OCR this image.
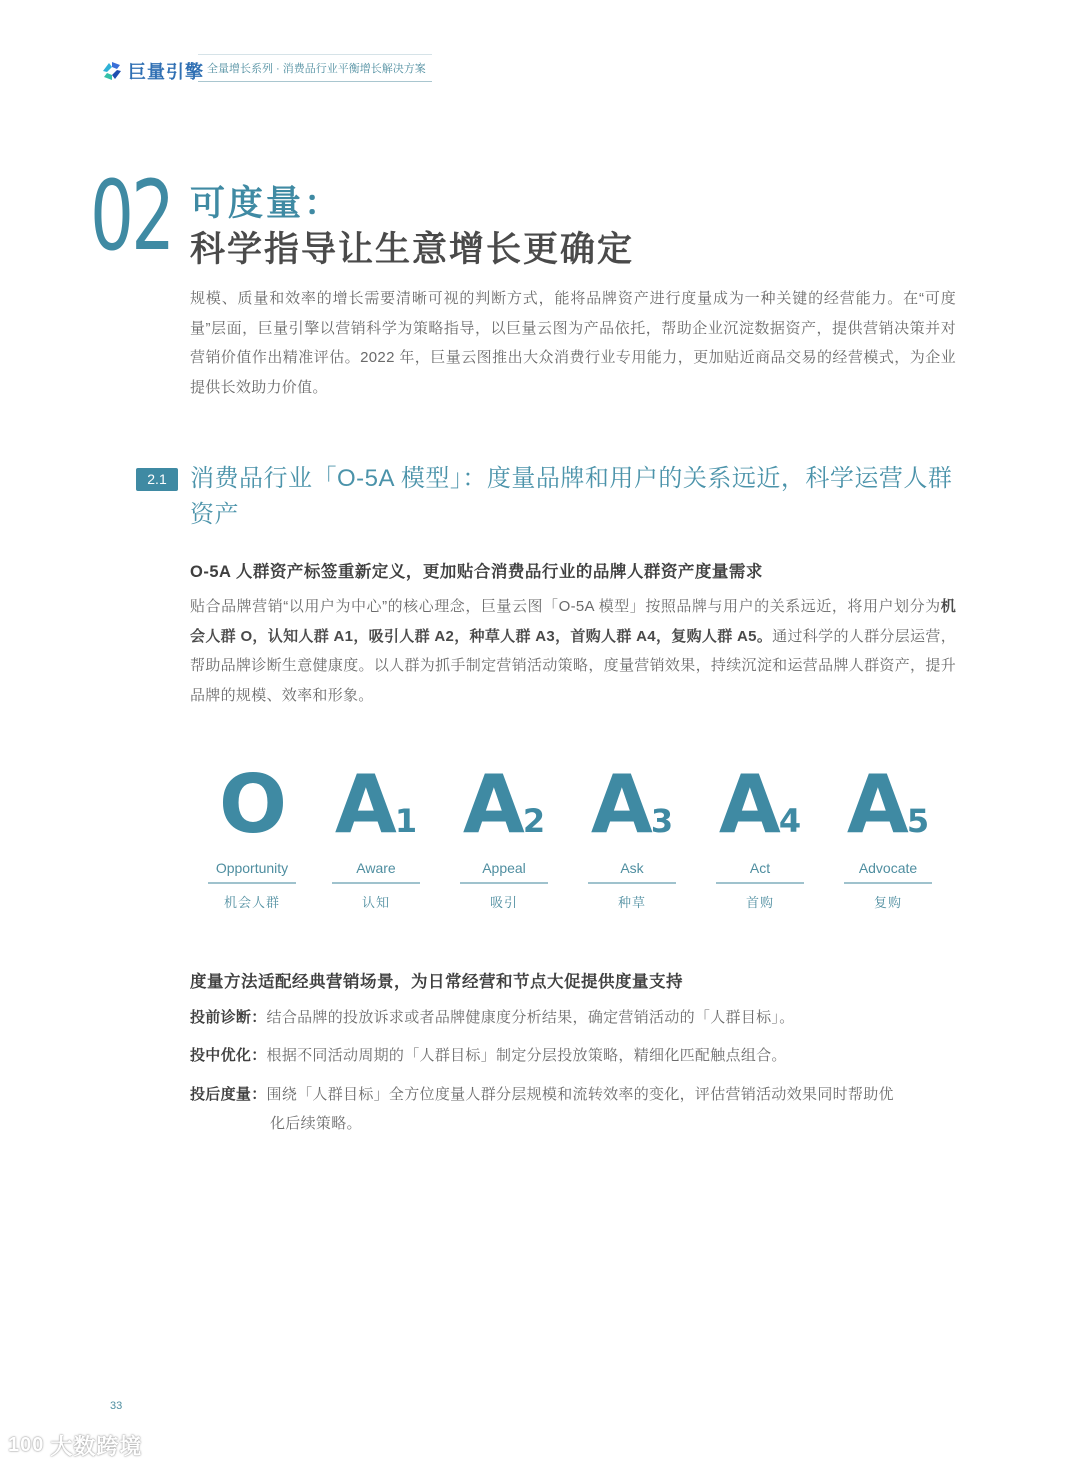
巨量引擎 全量增长系列 · 消费品行业平衡增长解决方案
02 可度量：
科学指导让生意增长更确定
规模、质量和效率的增长需要清晰可视的判断方式，能将品牌资产进行度量成为一种关键的经营能力。在“可度量”层面，巨量引擎以营销科学为策略指导，以巨量云图为产品依托，帮助企业沉淀数据资产，提供营销决策并对营销价值作出精准评估。2022 年，巨量云图推出大众消费行业专用能力，更加贴近商品交易的经营模式，为企业提供长效助力价值。
2.1 消费品行业「O-5A 模型」：度量品牌和用户的关系远近，科学运营人群资产
O-5A 人群资产标签重新定义，更加贴合消费品行业的品牌人群资产度量需求
贴合品牌营销“以用户为中心”的核心理念，巨量云图「O-5A 模型」按照品牌与用户的关系远近，将用户划分为机会人群 O，认知人群 A1，吸引人群 A2，种草人群 A3，首购人群 A4，复购人群 A5。通过科学的人群分层运营，帮助品牌诊断生意健康度。以人群为抓手制定营销活动策略，度量营销效果，持续沉淀和运营品牌人群资产，提升品牌的规模、效率和形象。
O
Opportunity
机会人群
A1
Aware
认知
A2
Appeal
吸引
A3
Ask
种草
A4
Act
首购
A5
Advocate
复购
度量方法适配经典营销场景，为日常经营和节点大促提供度量支持
投前诊断：结合品牌的投放诉求或者品牌健康度分析结果，确定营销活动的「人群目标」。
投中优化：根据不同活动周期的「人群目标」制定分层投放策略，精细化匹配触点组合。
投后度量：围绕「人群目标」全方位度量人群分层规模和流转效率的变化，评估营销活动效果同时帮助优
化后续策略。
33
100 大数跨境
